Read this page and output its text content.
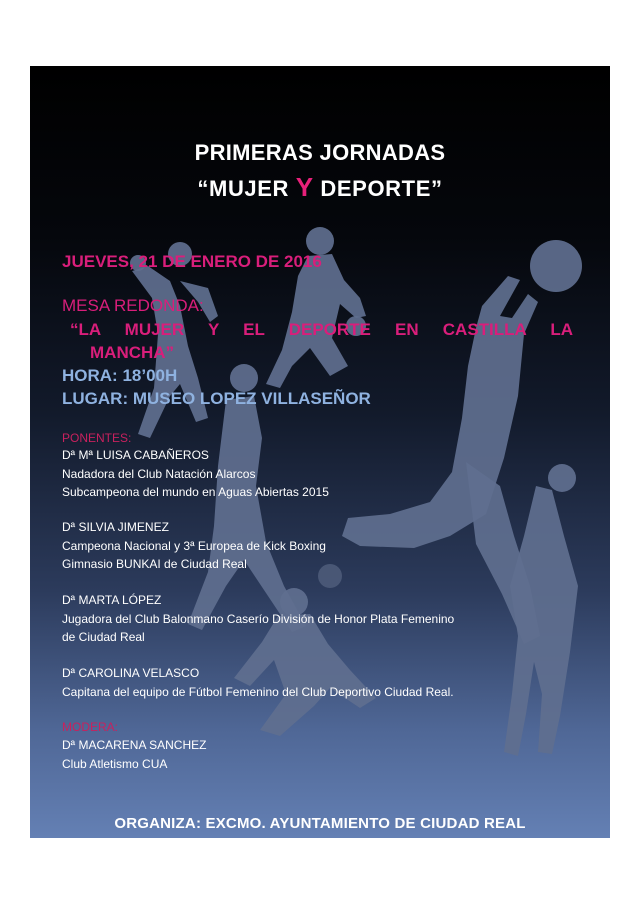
PRIMERAS JORNADAS
“MUJER Y DEPORTE”
JUEVES, 21 DE ENERO DE 2016
MESA REDONDA:
“LA MUJER Y EL DEPORTE EN CASTILLA LA
MANCHA”
HORA: 18’00H
LUGAR: MUSEO LOPEZ VILLASEÑOR
PONENTES:
Dª Mª LUISA CABAÑEROS
Nadadora del Club Natación Alarcos
Subcampeona del mundo en Aguas Abiertas 2015
Dª SILVIA JIMENEZ
Campeona Nacional y 3ª Europea de Kick Boxing
Gimnasio BUNKAI de Ciudad Real
Dª MARTA LÓPEZ
Jugadora del Club Balonmano Caserío División de Honor Plata Femenino
de Ciudad Real
Dª CAROLINA VELASCO
Capitana del equipo de Fútbol Femenino del Club Deportivo Ciudad Real.
MODERA:
Dª MACARENA SANCHEZ
Club Atletismo CUA
ORGANIZA: EXCMO. AYUNTAMIENTO DE CIUDAD REAL
